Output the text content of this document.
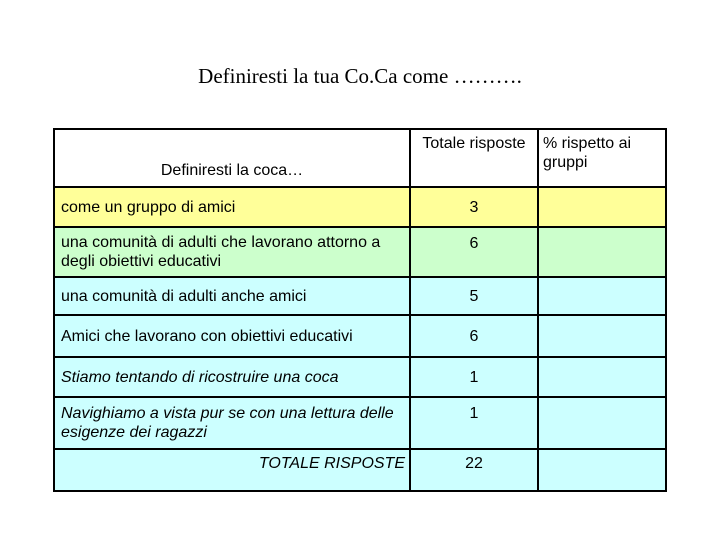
Definiresti la tua Co.Ca come ……….
Definiresti la coca…	Totale risposte	% rispetto ai gruppi
come un gruppo di amici	3	
una comunità di adulti che lavorano attorno a degli obiettivi educativi	6	
una comunità di adulti anche amici	5	
Amici che lavorano con obiettivi educativi	6	
Stiamo tentando di ricostruire una coca	1	
Navighiamo a vista pur se con una lettura delle esigenze dei ragazzi	1	
TOTALE RISPOSTE	22	
